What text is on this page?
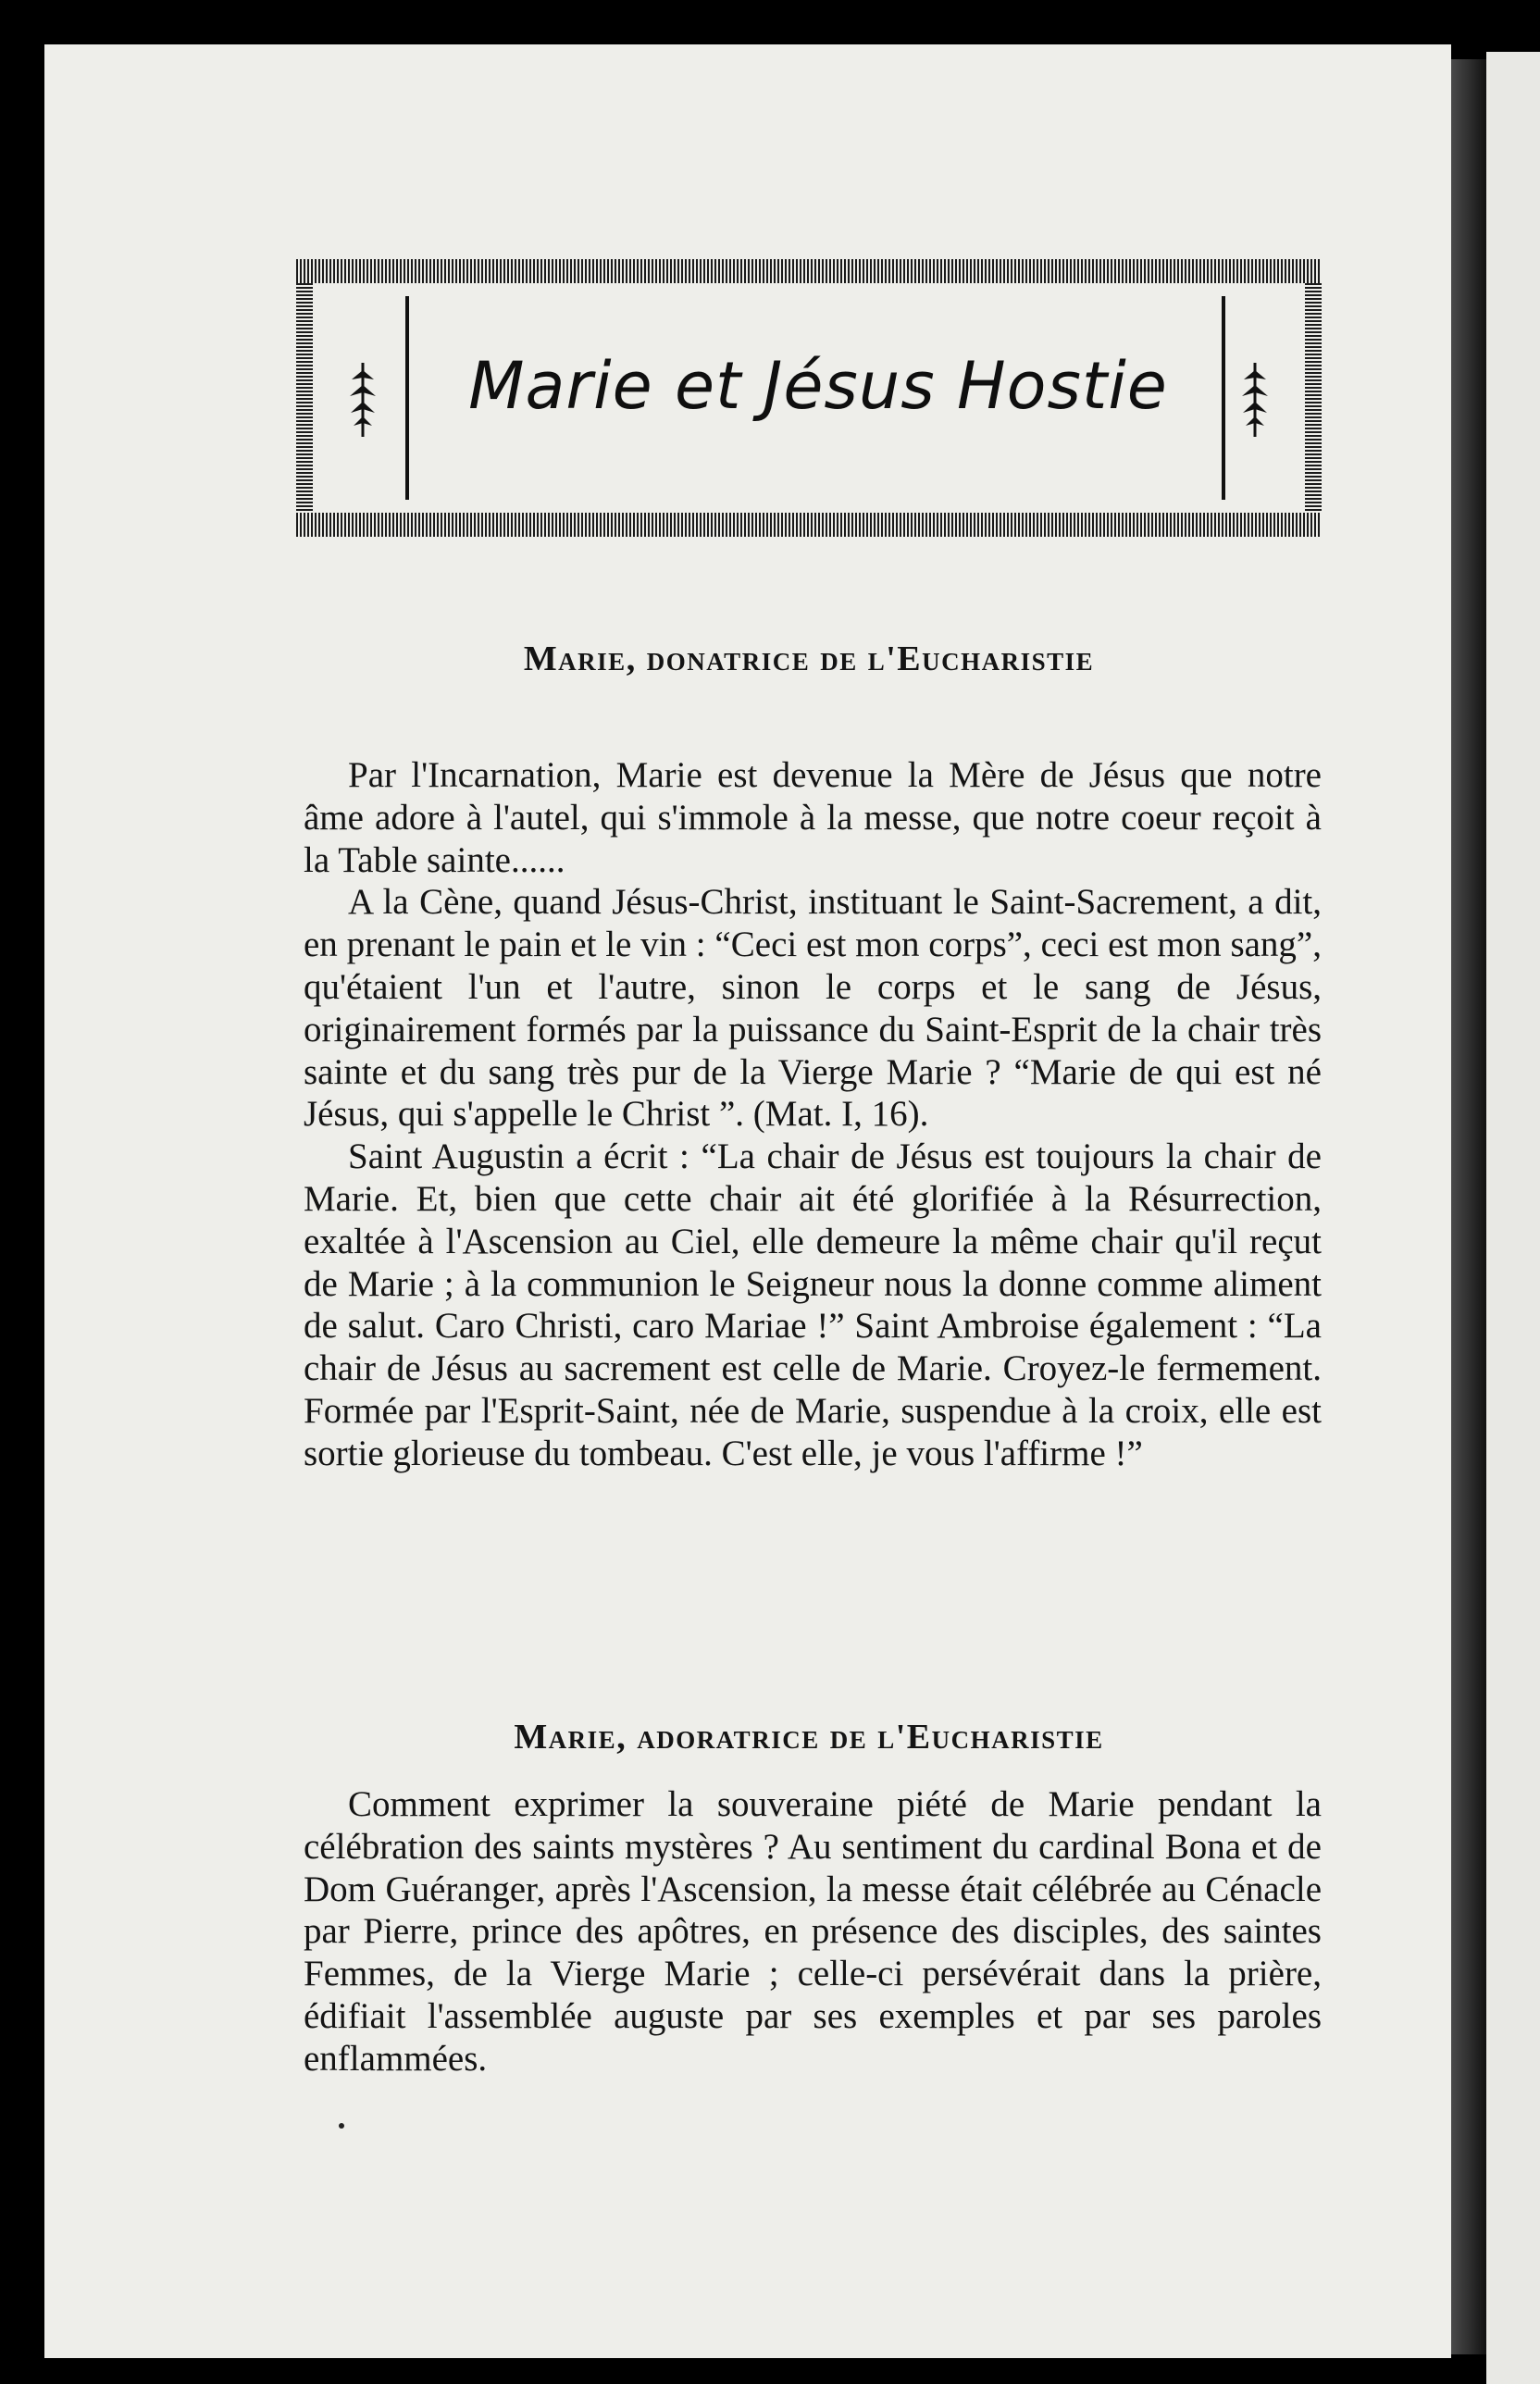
Marie et Jésus Hostie
Marie, donatrice de l'Eucharistie

Par l'Incarnation, Marie est devenue la Mère de Jésus que notre âme adore à l'autel, qui s'immole à la messe, que notre coeur reçoit à la Table sainte......

A la Cène, quand Jésus-Christ, instituant le Saint-Sacrement, a dit, en prenant le pain et le vin : “Ceci est mon corps”, ceci est mon sang”, qu'étaient l'un et l'autre, sinon le corps et le sang de Jésus, originairement formés par la puissance du Saint-Esprit de la chair très sainte et du sang très pur de la Vierge Marie ? “Marie de qui est né Jésus, qui s'appelle le Christ ”. (Mat. I, 16).

Saint Augustin a écrit : “La chair de Jésus est toujours la chair de Marie. Et, bien que cette chair ait été glorifiée à la Résurrection, exaltée à l'Ascension au Ciel, elle demeure la même chair qu'il reçut de Marie ; à la communion le Seigneur nous la donne comme aliment de salut. Caro Christi, caro Mariae !” Saint Ambroise également : “La chair de Jésus au sacrement est celle de Marie. Croyez-le fermement. Formée par l'Esprit-Saint, née de Marie, suspendue à la croix, elle est sortie glorieuse du tombeau. C'est elle, je vous l'affirme !”

Marie, adoratrice de l'Eucharistie

Comment exprimer la souveraine piété de Marie pendant la célébration des saints mystères ? Au sentiment du cardinal Bona et de Dom Guéranger, après l'Ascension, la messe était célébrée au Cénacle par Pierre, prince des apôtres, en présence des disciples, des saintes Femmes, de la Vierge Marie ; celle-ci persévérait dans la prière, édifiait l'assemblée auguste par ses exemples et par ses paroles enflammées.
